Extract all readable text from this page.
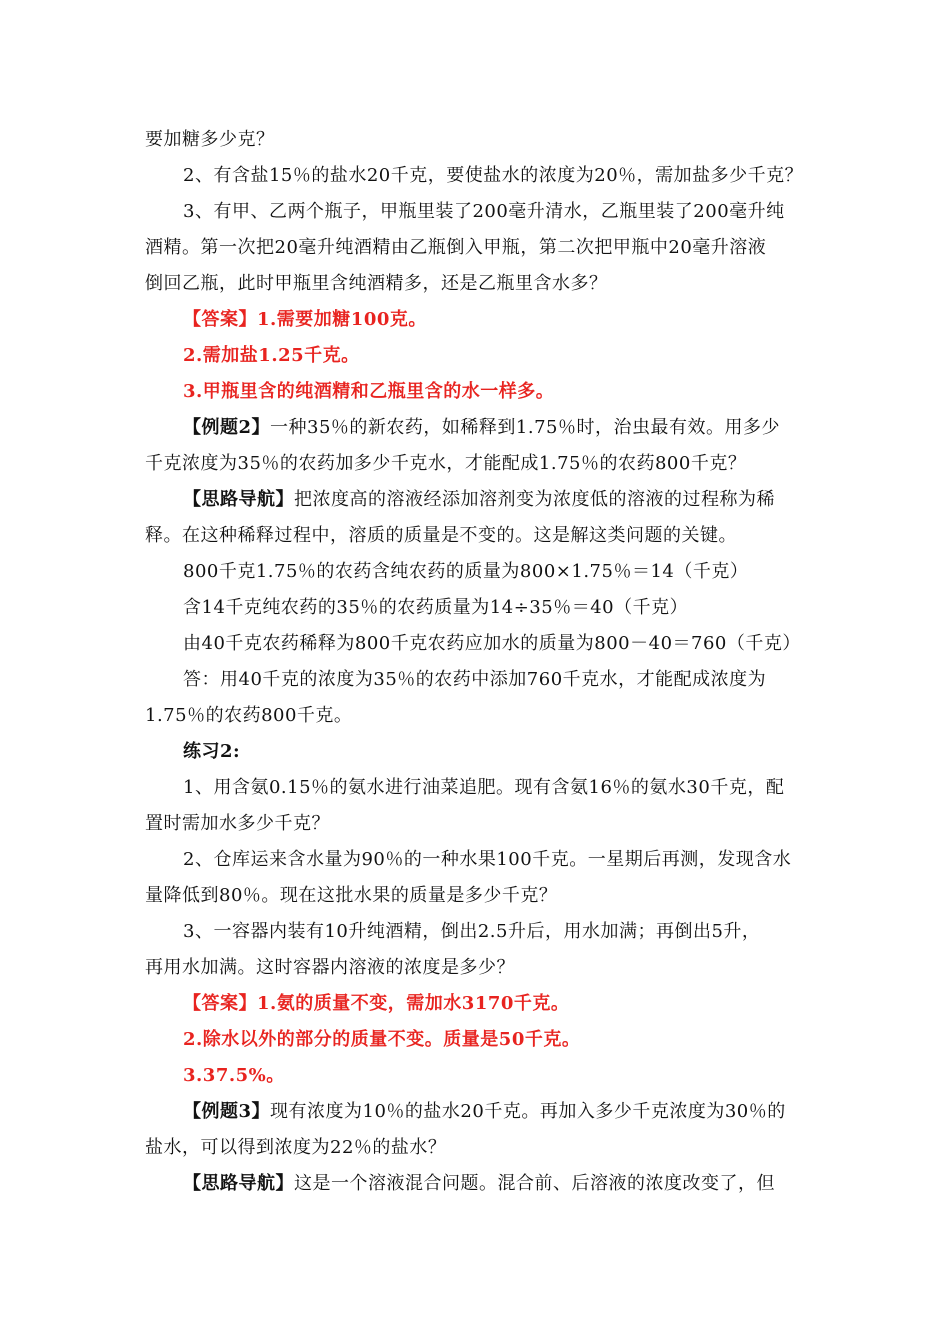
要加糖多少克？
2、有含盐15％的盐水20千克，要使盐水的浓度为20％，需加盐多少千克？
3、有甲、乙两个瓶子，甲瓶里装了200毫升清水，乙瓶里装了200毫升纯
酒精。第一次把20毫升纯酒精由乙瓶倒入甲瓶，第二次把甲瓶中20毫升溶液
倒回乙瓶，此时甲瓶里含纯酒精多，还是乙瓶里含水多？
【答案】1.需要加糖100克。
2.需加盐1.25千克。
3.甲瓶里含的纯酒精和乙瓶里含的水一样多。
【例题2】一种35％的新农药，如稀释到1.75％时，治虫最有效。用多少
千克浓度为35％的农药加多少千克水，才能配成1.75％的农药800千克？
【思路导航】把浓度高的溶液经添加溶剂变为浓度低的溶液的过程称为稀
释。在这种稀释过程中，溶质的质量是不变的。这是解这类问题的关键。
800千克1.75％的农药含纯农药的质量为800×1.75％＝14（千克）
含14千克纯农药的35％的农药质量为14÷35％＝40（千克）
由40千克农药稀释为800千克农药应加水的质量为800－40＝760（千克）
答：用40千克的浓度为35％的农药中添加760千克水，才能配成浓度为
1.75％的农药800千克。
练习2:
1、用含氨0.15％的氨水进行油菜追肥。现有含氨16％的氨水30千克，配
置时需加水多少千克？
2、仓库运来含水量为90％的一种水果100千克。一星期后再测，发现含水
量降低到80％。现在这批水果的质量是多少千克？
3、一容器内装有10升纯酒精，倒出2.5升后，用水加满；再倒出5升，
再用水加满。这时容器内溶液的浓度是多少？
【答案】1.氨的质量不变，需加水3170千克。
2.除水以外的部分的质量不变。质量是50千克。
3.37.5%。
【例题3】现有浓度为10％的盐水20千克。再加入多少千克浓度为30％的
盐水，可以得到浓度为22％的盐水？
【思路导航】这是一个溶液混合问题。混合前、后溶液的浓度改变了，但
